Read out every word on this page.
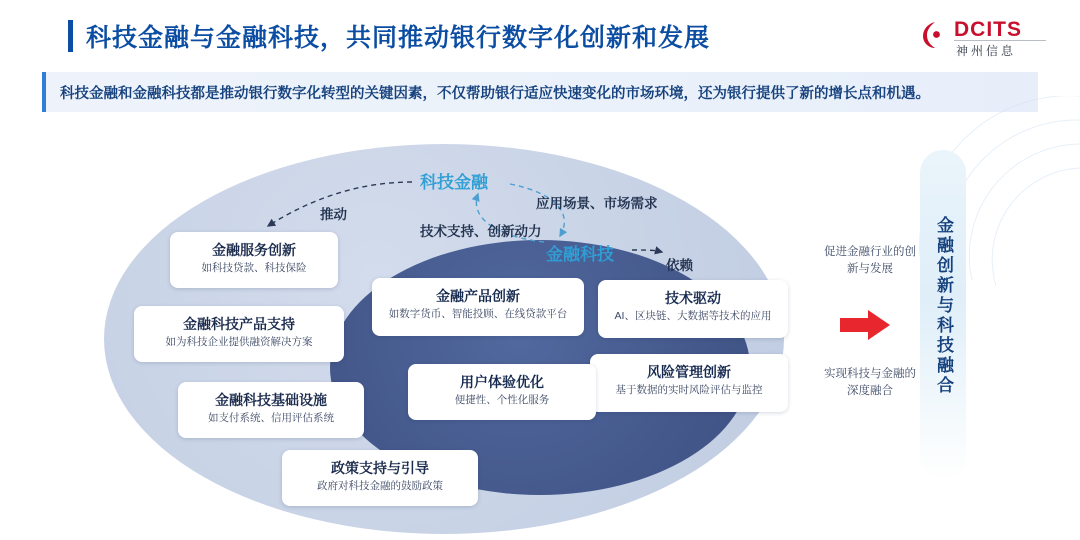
科技金融与金融科技，共同推动银行数字化创新和发展	DCITS
神州信息
科技金融和金融科技都是推动银行数字化转型的关键因素，不仅帮助银行适应快速变化的市场环境，还为银行提供了新的增长点和机遇。
科技金融
金融科技
推动
应用场景、市场需求
技术支持、创新动力
依赖
金融服务创新
如科技贷款、科技保险
金融科技产品支持
如为科技企业提供融资解决方案
金融科技基础设施
如支付系统、信用评估系统
政策支持与引导
政府对科技金融的鼓励政策
金融产品创新
如数字货币、智能投顾、在线贷款平台
技术驱动
AI、区块链、大数据等技术的应用
风险管理创新
基于数据的实时风险评估与监控
用户体验优化
便捷性、个性化服务
促进金融行业的创新与发展
实现科技与金融的深度融合	金融创新与科技融合
